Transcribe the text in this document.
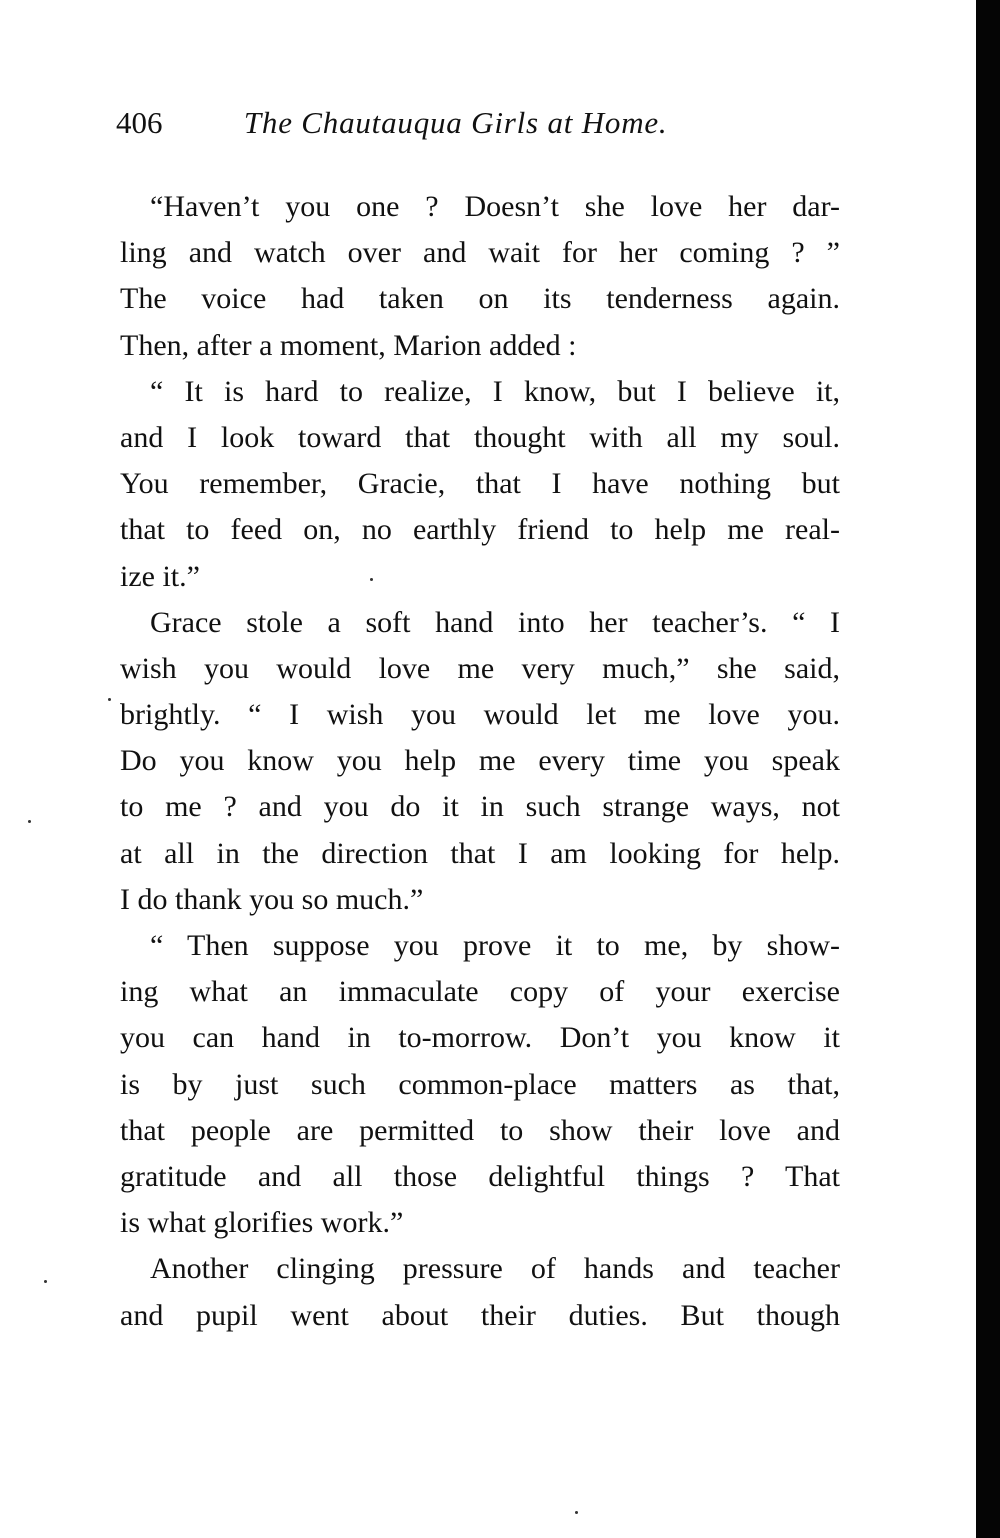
406	The Chautauqua Girls at Home.
“Haven’t you one ? Doesn’t she love her dar-
ling and watch over and wait for her coming ? ”
The voice had taken on its tenderness again.
Then, after a moment, Marion added :
“ It is hard to realize, I know, but I believe it,
and I look toward that thought with all my soul.
You remember, Gracie, that I have nothing but
that to feed on, no earthly friend to help me real-
ize it.”
Grace stole a soft hand into her teacher’s. “ I
wish you would love me very much,” she said,
brightly. “ I wish you would let me love you.
Do you know you help me every time you speak
to me ? and you do it in such strange ways, not
at all in the direction that I am looking for help.
I do thank you so much.”
“ Then suppose you prove it to me, by show-
ing what an immaculate copy of your exercise
you can hand in to-morrow. Don’t you know it
is by just such common-place matters as that,
that people are permitted to show their love and
gratitude and all those delightful things ? That
is what glorifies work.”
Another clinging pressure of hands and teacher
and pupil went about their duties. But though
